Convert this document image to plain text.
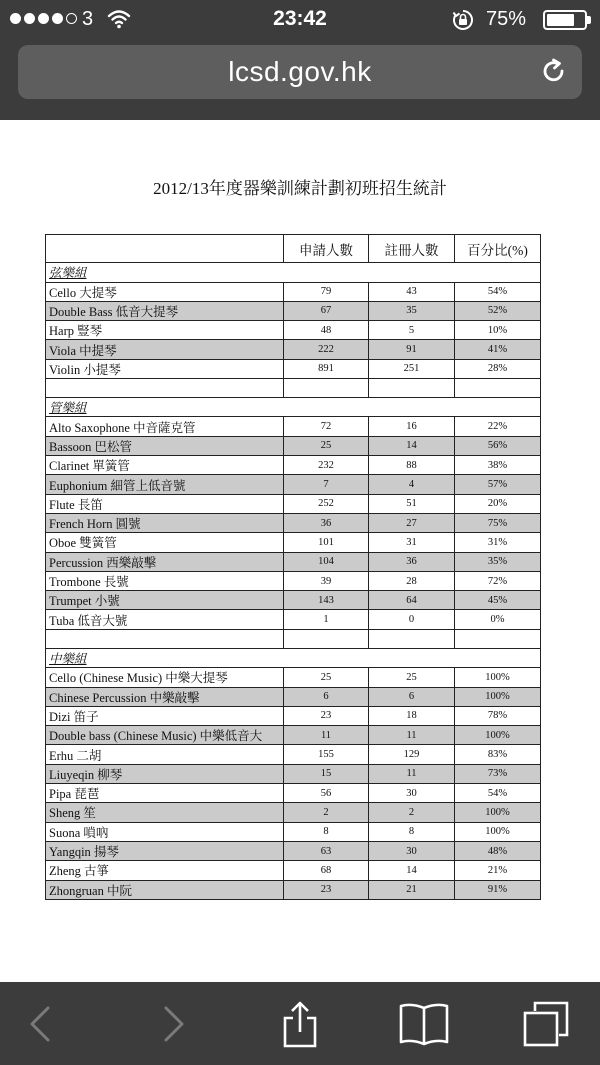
3	23:42	75%
lcsd.gov.hk
2012/13年度器樂訓練計劃初班招生統計
	申請人數	註冊人數	百分比(%)
弦樂組			
Cello 大提琴	79	43	54%
Double Bass 低音大提琴	67	35	52%
Harp 豎琴	48	5	10%
Viola 中提琴	222	91	41%
Violin 小提琴	891	251	28%

管樂組			
Alto Saxophone 中音薩克管	72	16	22%
Bassoon 巴松管	25	14	56%
Clarinet 單簧管	232	88	38%
Euphonium 細管上低音號	7	4	57%
Flute 長笛	252	51	20%
French Horn 圓號	36	27	75%
Oboe 雙簧管	101	31	31%
Percussion 西樂敲擊	104	36	35%
Trombone 長號	39	28	72%
Trumpet 小號	143	64	45%
Tuba 低音大號	1	0	0%

中樂組			
Cello (Chinese Music) 中樂大提琴	25	25	100%
Chinese Percussion 中樂敲擊	6	6	100%
Dizi 笛子	23	18	78%
Double bass (Chinese Music) 中樂低音大	11	11	100%
Erhu 二胡	155	129	83%
Liuyeqin 柳琴	15	11	73%
Pipa 琵琶	56	30	54%
Sheng 笙	2	2	100%
Suona 嗩吶	8	8	100%
Yangqin 揚琴	63	30	48%
Zheng 古箏	68	14	21%
Zhongruan 中阮	23	21	91%
